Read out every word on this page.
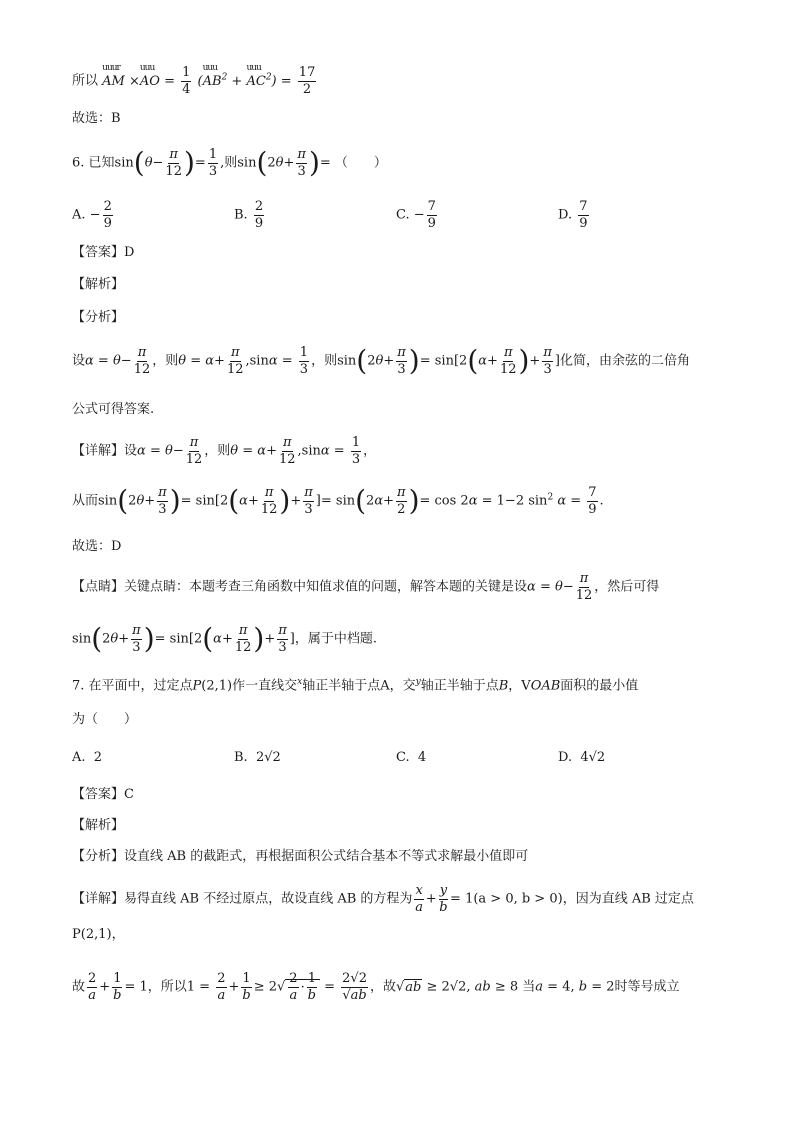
所以 AM
uuur
×AO
uuu
= $\frac{1}{4} (AB$
uuu
$^2$ + AC
uuu
$^2) = \frac{17}{2}$
故选：B
6. 已知$\sin(\theta- \frac{\pi}{12}$ )= $\frac{1}{3}$ ,则$\sin(2\theta+ \frac{\pi}{3}$ )= （　　）
A. − $\frac{2}{9}$	B. $\frac{2}{9}$	C. − $\frac{7}{9}$	D. $\frac{7}{9}$
【答案】D
【解析】
【分析】
设$\alpha = \theta- \frac{\pi}{12}$ ，则$\theta = \alpha+ \frac{\pi}{12} ,\sin\alpha = \frac{1}{3}$ ，则$\sin(2\theta+ \frac{\pi}{3}$ )= $\sin[2(\alpha+ \frac{\pi}{12}$ )+ $\frac{\pi}{3}$ ]化简，由余弦的二倍角
公式可得答案.
【详解】设$\alpha = \theta- \frac{\pi}{12}$ ，则$\theta = \alpha+ \frac{\pi}{12} ,\sin\alpha = \frac{1}{3}$ ，
从而$\sin(2\theta+ \frac{\pi}{3}$ )= $\sin[2(\alpha+ \frac{\pi}{12}$ )+ $\frac{\pi}{3}$ ]= $\sin(2\alpha+ \frac{\pi}{2}$ )= cos 2α = 1−2 $\sin^2 \alpha = \frac{7}{9}$ .
故选：D
【点睛】关键点睛：本题考查三角函数中知值求值的问题，解答本题的关键是设$\alpha = \theta- \frac{\pi}{12}$ ，然后可得
$\sin(2\theta+ \frac{\pi}{3}$ )= $\sin[2(\alpha+ \frac{\pi}{12}$ )+ $\frac{\pi}{3}$ ]，属于中档题.
7. 在平面中，过定点P(2,1)作一直线交$^x$轴正半轴于点A，交$^y$轴正半轴于点B，VOAB面积的最小值
为（　　）
A. 2	B. 2√2	C. 4	D. 4√2
【答案】C
【解析】
【分析】设直线 AB 的截距式，再根据面积公式结合基本不等式求解最小值即可
【详解】易得直线 AB 不经过原点，故设直线 AB 的方程为 $\frac{x}{a} + \frac{y}{b} = 1(a > 0$, b > 0)，因为直线 AB 过定点
P(2,1)，
故 $\frac{2}{a} + \frac{1}{b} = 1$，所以$1 = \frac{2}{a} + \frac{1}{b} \ge 2√ \frac{2}{a} \cdot \frac{1}{b} = \frac{2√2}{√ab}$ ，故√ab ≥ 2√2, ab ≥ 8 当a = 4, b = 2时等号成立
